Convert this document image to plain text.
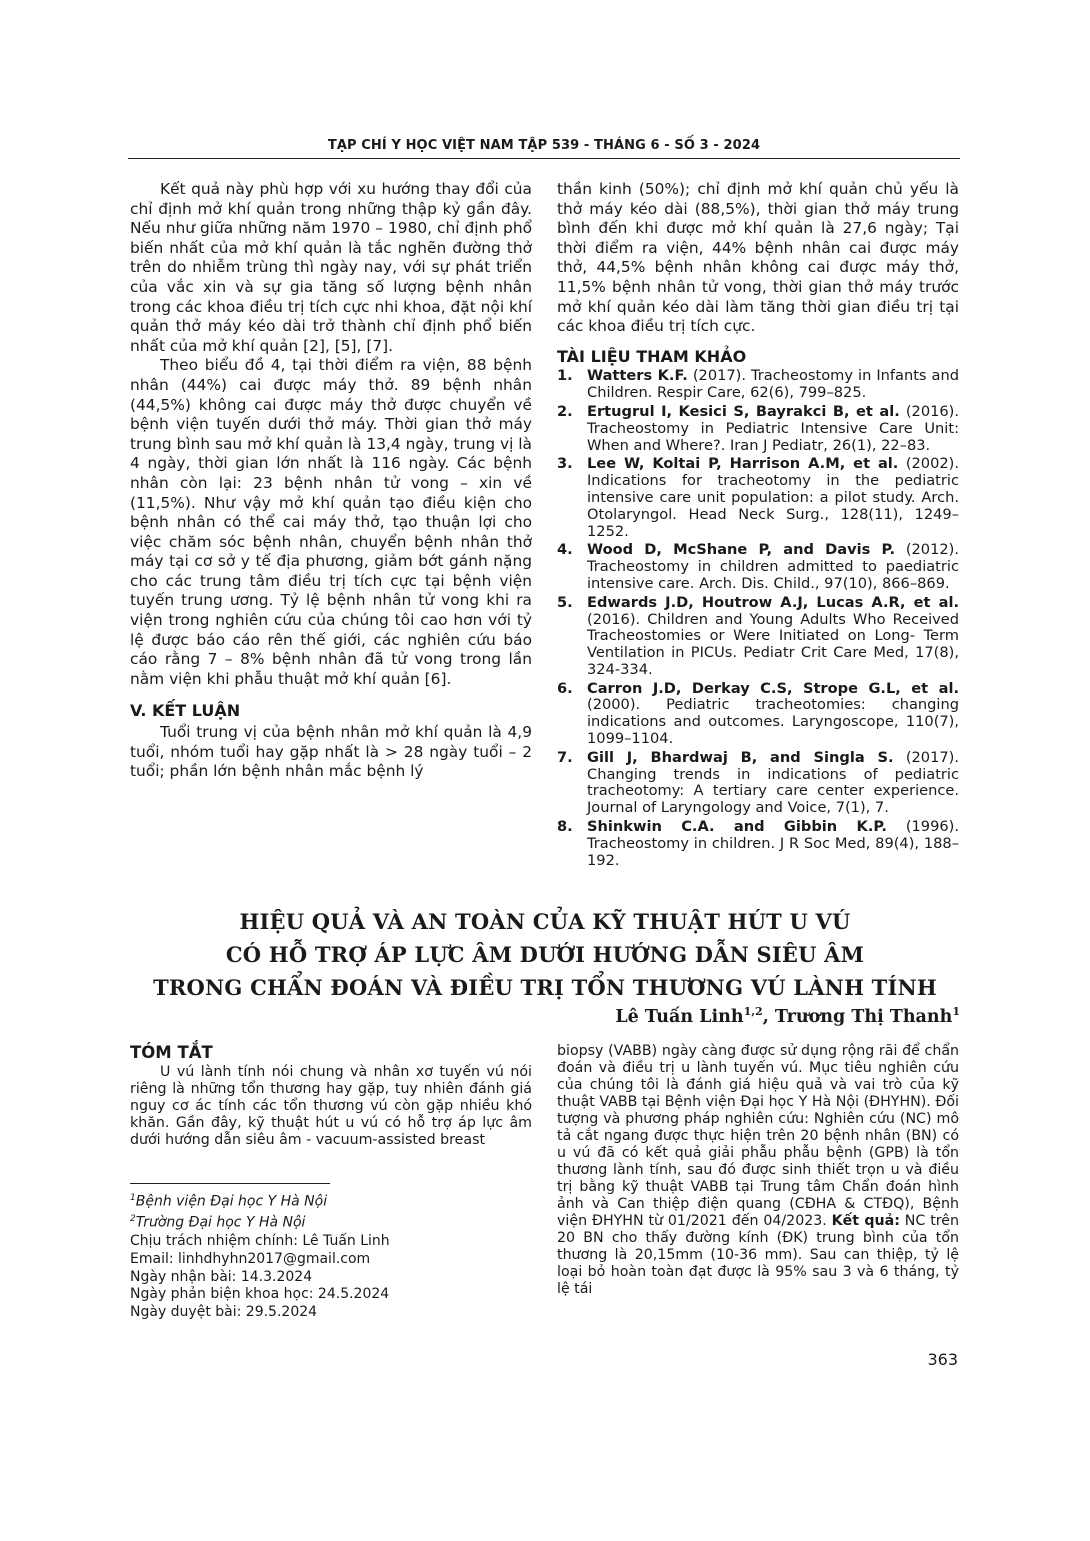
TẠP CHÍ Y HỌC VIỆT NAM TẬP 539 - THÁNG 6 - SỐ 3 - 2024

Kết quả này phù hợp với xu hướng thay đổi của chỉ định mở khí quản trong những thập kỷ gần đây. Nếu như giữa những năm 1970 – 1980, chỉ định phổ biến nhất của mở khí quản là tắc nghẽn đường thở trên do nhiễm trùng thì ngày nay, với sự phát triển của vắc xin và sự gia tăng số lượng bệnh nhân trong các khoa điều trị tích cực nhi khoa, đặt nội khí quản thở máy kéo dài trở thành chỉ định phổ biến nhất của mở khí quản [2], [5], [7].

Theo biểu đồ 4, tại thời điểm ra viện, 88 bệnh nhân (44%) cai được máy thở. 89 bệnh nhân (44,5%) không cai được máy thở được chuyển về bệnh viện tuyến dưới thở máy. Thời gian thở máy trung bình sau mở khí quản là 13,4 ngày, trung vị là 4 ngày, thời gian lớn nhất là 116 ngày. Các bệnh nhân còn lại: 23 bệnh nhân tử vong – xin về (11,5%). Như vậy mở khí quản tạo điều kiện cho bệnh nhân có thể cai máy thở, tạo thuận lợi cho việc chăm sóc bệnh nhân, chuyển bệnh nhân thở máy tại cơ sở y tế địa phương, giảm bớt gánh nặng cho các trung tâm điều trị tích cực tại bệnh viện tuyến trung ương. Tỷ lệ bệnh nhân tử vong khi ra viện trong nghiên cứu của chúng tôi cao hơn với tỷ lệ được báo cáo rên thế giới, các nghiên cứu báo cáo rằng 7 – 8% bệnh nhân đã tử vong trong lần nằm viện khi phẫu thuật mở khí quản [6].

V. KẾT LUẬN

Tuổi trung vị của bệnh nhân mở khí quản là 4,9 tuổi, nhóm tuổi hay gặp nhất là > 28 ngày tuổi – 2 tuổi; phần lớn bệnh nhân mắc bệnh lý

thần kinh (50%); chỉ định mở khí quản chủ yếu là thở máy kéo dài (88,5%), thời gian thở máy trung bình đến khi được mở khí quản là 27,6 ngày; Tại thời điểm ra viện, 44% bệnh nhân cai được máy thở, 44,5% bệnh nhân không cai được máy thở, 11,5% bệnh nhân tử vong, thời gian thở máy trước mở khí quản kéo dài làm tăng thời gian điều trị tại các khoa điều trị tích cực.

TÀI LIỆU THAM KHẢO
1. Watters K.F. (2017). Tracheostomy in Infants and Children. Respir Care, 62(6), 799–825.
2. Ertugrul I, Kesici S, Bayrakci B, et al. (2016). Tracheostomy in Pediatric Intensive Care Unit: When and Where?. Iran J Pediatr, 26(1), 22–83.
3. Lee W, Koltai P, Harrison A.M, et al. (2002). Indications for tracheotomy in the pediatric intensive care unit population: a pilot study. Arch. Otolaryngol. Head Neck Surg., 128(11), 1249–1252.
4. Wood D, McShane P, and Davis P. (2012). Tracheostomy in children admitted to paediatric intensive care. Arch. Dis. Child., 97(10), 866–869.
5. Edwards J.D, Houtrow A.J, Lucas A.R, et al. (2016). Children and Young Adults Who Received Tracheostomies or Were Initiated on Long- Term Ventilation in PICUs. Pediatr Crit Care Med, 17(8), 324-334.
6. Carron J.D, Derkay C.S, Strope G.L, et al. (2000). Pediatric tracheotomies: changing indications and outcomes. Laryngoscope, 110(7), 1099–1104.
7. Gill J, Bhardwaj B, and Singla S. (2017). Changing trends in indications of pediatric tracheotomy: A tertiary care center experience. Journal of Laryngology and Voice, 7(1), 7.
8. Shinkwin C.A. and Gibbin K.P. (1996). Tracheostomy in children. J R Soc Med, 89(4), 188–192.
HIỆU QUẢ VÀ AN TOÀN CỦA KỸ THUẬT HÚT U VÚ
CÓ HỖ TRỢ ÁP LỰC ÂM DƯỚI HƯỚNG DẪN SIÊU ÂM
TRONG CHẨN ĐOÁN VÀ ĐIỀU TRỊ TỔN THƯƠNG VÚ LÀNH TÍNH
Lê Tuấn Linh$^{1,2}$, Trương Thị Thanh$^1$
TÓM TẮT

U vú lành tính nói chung và nhân xơ tuyến vú nói riêng là những tổn thương hay gặp, tuy nhiên đánh giá nguy cơ ác tính các tổn thương vú còn gặp nhiều khó khăn. Gần đây, kỹ thuật hút u vú có hỗ trợ áp lực âm dưới hướng dẫn siêu âm - vacuum-assisted breast

biopsy (VABB) ngày càng được sử dụng rộng rãi để chẩn đoán và điều trị u lành tuyến vú. Mục tiêu nghiên cứu của chúng tôi là đánh giá hiệu quả và vai trò của kỹ thuật VABB tại Bệnh viện Đại học Y Hà Nội (ĐHYHN). Đối tượng và phương pháp nghiên cứu: Nghiên cứu (NC) mô tả cắt ngang được thực hiện trên 20 bệnh nhân (BN) có u vú đã có kết quả giải phẫu phẫu bệnh (GPB) là tổn thương lành tính, sau đó được sinh thiết trọn u và điều trị bằng kỹ thuật VABB tại Trung tâm Chẩn đoán hình ảnh và Can thiệp điện quang (CĐHA & CTĐQ), Bệnh viện ĐHYHN từ 01/2021 đến 04/2023. Kết quả: NC trên 20 BN cho thấy đường kính (ĐK) trung bình của tổn thương là 20,15mm (10-36 mm). Sau can thiệp, tỷ lệ loại bỏ hoàn toàn đạt được là 95% sau 3 và 6 tháng, tỷ lệ tái

$^1$Bệnh viện Đại học Y Hà Nội
$^2$Trường Đại học Y Hà Nội
Chịu trách nhiệm chính: Lê Tuấn Linh
Email: linhdhyhn2017@gmail.com
Ngày nhận bài: 14.3.2024
Ngày phản biện khoa học: 24.5.2024
Ngày duyệt bài: 29.5.2024
363
